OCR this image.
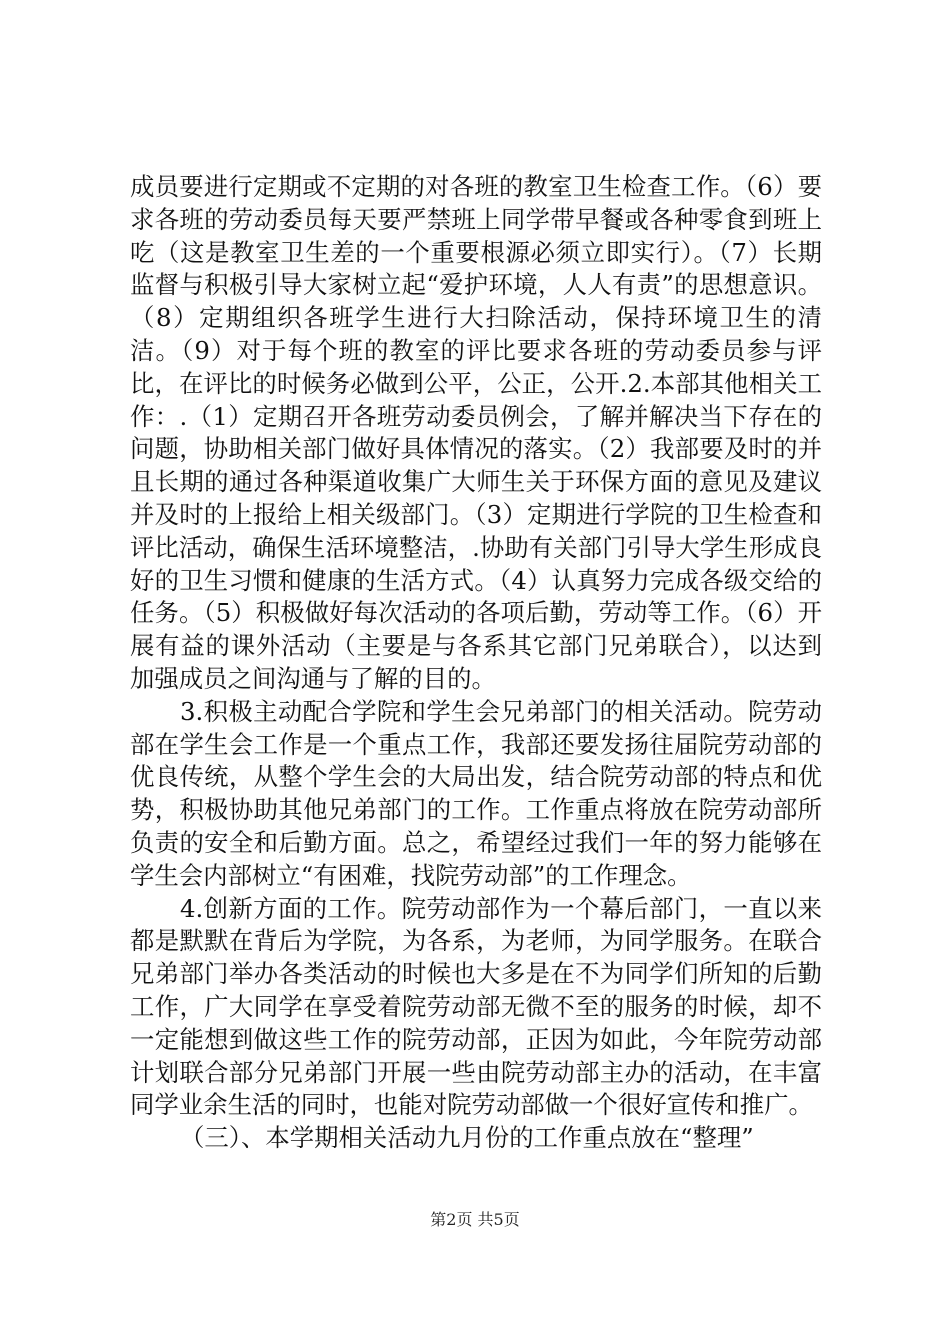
成员要进行定期或不定期的对各班的教室卫生检查工作。（6）要求各班的劳动委员每天要严禁班上同学带早餐或各种零食到班上吃（这是教室卫生差的一个重要根源必须立即实行）。（7）长期监督与积极引导大家树立起“爱护环境，人人有责”的思想意识。（8）定期组织各班学生进行大扫除活动，保持环境卫生的清洁。（9）对于每个班的教室的评比要求各班的劳动委员参与评比，在评比的时候务必做到公平，公正，公开.2.本部其他相关工作：.（1）定期召开各班劳动委员例会，了解并解决当下存在的问题，协助相关部门做好具体情况的落实。（2）我部要及时的并且长期的通过各种渠道收集广大师生关于环保方面的意见及建议并及时的上报给上相关级部门。（3）定期进行学院的卫生检查和评比活动，确保生活环境整洁，.协助有关部门引导大学生形成良好的卫生习惯和健康的生活方式。（4）认真努力完成各级交给的任务。（5）积极做好每次活动的各项后勤，劳动等工作。（6）开展有益的课外活动（主要是与各系其它部门兄弟联合），以达到加强成员之间沟通与了解的目的。

3.积极主动配合学院和学生会兄弟部门的相关活动。院劳动部在学生会工作是一个重点工作，我部还要发扬往届院劳动部的优良传统，从整个学生会的大局出发，结合院劳动部的特点和优势，积极协助其他兄弟部门的工作。工作重点将放在院劳动部所负责的安全和后勤方面。总之，希望经过我们一年的努力能够在学生会内部树立“有困难，找院劳动部”的工作理念。

4.创新方面的工作。院劳动部作为一个幕后部门，一直以来都是默默在背后为学院，为各系，为老师，为同学服务。在联合兄弟部门举办各类活动的时候也大多是在不为同学们所知的后勤工作，广大同学在享受着院劳动部无微不至的服务的时候，却不一定能想到做这些工作的院劳动部，正因为如此，今年院劳动部计划联合部分兄弟部门开展一些由院劳动部主办的活动，在丰富同学业余生活的同时，也能对院劳动部做一个很好宣传和推广。

（三）、本学期相关活动九月份的工作重点放在“整理”

第2页 共5页
